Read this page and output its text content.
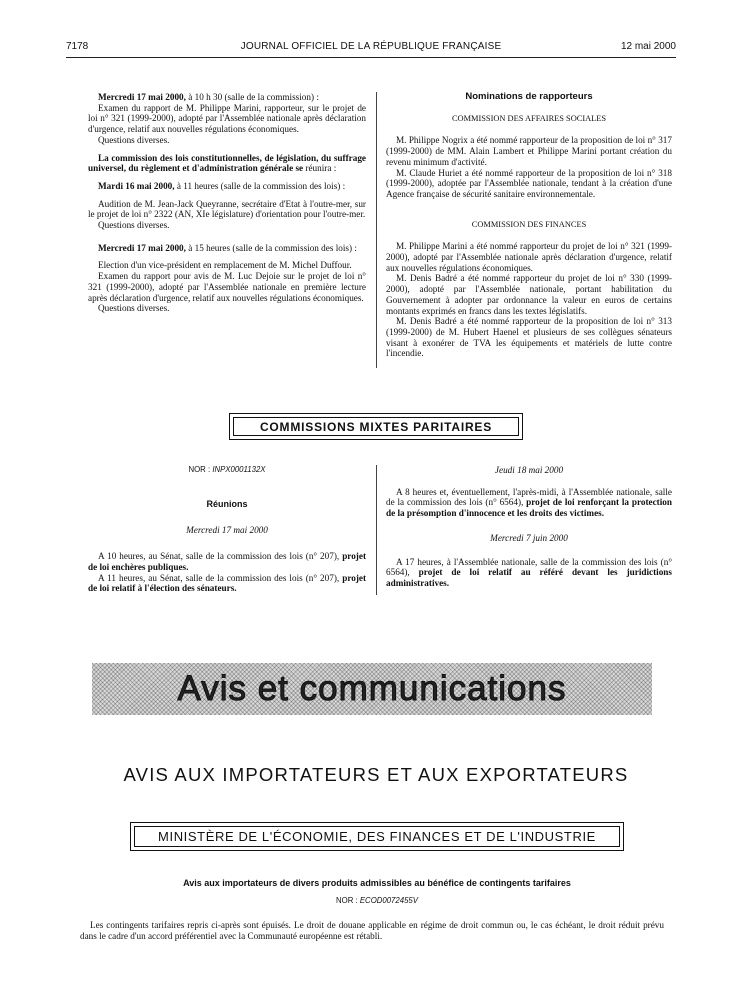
7178	JOURNAL OFFICIEL DE LA RÉPUBLIQUE FRANÇAISE	12 mai 2000

Mercredi 17 mai 2000, à 10 h 30 (salle de la commission) :

Examen du rapport de M. Philippe Marini, rapporteur, sur le projet de loi n° 321 (1999-2000), adopté par l'Assemblée nationale après déclaration d'urgence, relatif aux nouvelles régulations économiques.

Questions diverses.

La commission des lois constitutionnelles, de législation, du suffrage universel, du règlement et d'administration générale se réunira :

Mardi 16 mai 2000, à 11 heures (salle de la commission des lois) :

Audition de M. Jean-Jack Queyranne, secrétaire d'Etat à l'outre-mer, sur le projet de loi n° 2322 (AN, XIe législature) d'orientation pour l'outre-mer.

Questions diverses.

Mercredi 17 mai 2000, à 15 heures (salle de la commission des lois) :

Election d'un vice-président en remplacement de M. Michel Duffour.

Examen du rapport pour avis de M. Luc Dejoie sur le projet de loi n° 321 (1999-2000), adopté par l'Assemblée nationale en première lecture après déclaration d'urgence, relatif aux nouvelles régulations économiques.

Questions diverses.

Nominations de rapporteurs

COMMISSION DES AFFAIRES SOCIALES

M. Philippe Nogrix a été nommé rapporteur de la proposition de loi n° 317 (1999-2000) de MM. Alain Lambert et Philippe Marini portant création du revenu minimum d'activité.

M. Claude Huriet a été nommé rapporteur de la proposition de loi n° 318 (1999-2000), adoptée par l'Assemblée nationale, tendant à la création d'une Agence française de sécurité sanitaire environnementale.

COMMISSION DES FINANCES

M. Philippe Marini a été nommé rapporteur du projet de loi n° 321 (1999-2000), adopté par l'Assemblée nationale après déclaration d'urgence, relatif aux nouvelles régulations économiques.

M. Denis Badré a été nommé rapporteur du projet de loi n° 330 (1999-2000), adopté par l'Assemblée nationale, portant habilitation du Gouvernement à adopter par ordonnance la valeur en euros de certains montants exprimés en francs dans les textes législatifs.

M. Denis Badré a été nommé rapporteur de la proposition de loi n° 313 (1999-2000) de M. Hubert Haenel et plusieurs de ses collègues sénateurs visant à exonérer de TVA les équipements et matériels de lutte contre l'incendie.

COMMISSIONS MIXTES PARITAIRES

NOR : INPX0001132X

Réunions

Mercredi 17 mai 2000

A 10 heures, au Sénat, salle de la commission des lois (n° 207), projet de loi enchères publiques.

A 11 heures, au Sénat, salle de la commission des lois (n° 207), projet de loi relatif à l'élection des sénateurs.

Jeudi 18 mai 2000

A 8 heures et, éventuellement, l'après-midi, à l'Assemblée nationale, salle de la commission des lois (n° 6564), projet de loi renforçant la protection de la présomption d'innocence et les droits des victimes.

Mercredi 7 juin 2000

A 17 heures, à l'Assemblée nationale, salle de la commission des lois (n° 6564), projet de loi relatif au référé devant les juridictions administratives.

Avis et communications
AVIS AUX IMPORTATEURS ET AUX EXPORTATEURS
MINISTÈRE DE L'ÉCONOMIE, DES FINANCES ET DE L'INDUSTRIE

Avis aux importateurs de divers produits admissibles au bénéfice de contingents tarifaires

NOR : ECOD0072455V

Les contingents tarifaires repris ci-après sont épuisés. Le droit de douane applicable en régime de droit commun ou, le cas échéant, le droit réduit prévu dans le cadre d'un accord préférentiel avec la Communauté européenne est rétabli.
